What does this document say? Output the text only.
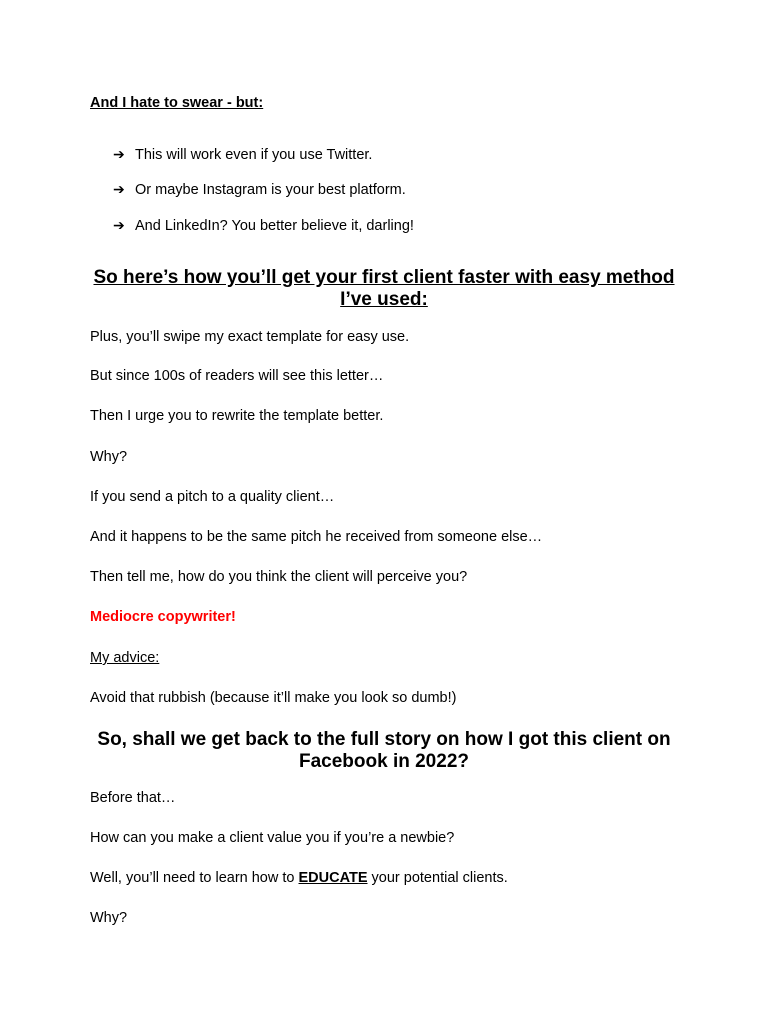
And I hate to swear - but:
➔ This will work even if you use Twitter.
➔ Or maybe Instagram is your best platform.
➔ And LinkedIn? You better believe it, darling!
So here’s how you’ll get your first client faster with easy method I’ve used:
Plus, you’ll swipe my exact template for easy use.
But since 100s of readers will see this letter…
Then I urge you to rewrite the template better.
Why?
If you send a pitch to a quality client…
And it happens to be the same pitch he received from someone else…
Then tell me, how do you think the client will perceive you?
Mediocre copywriter!
My advice:
Avoid that rubbish (because it’ll make you look so dumb!)
So, shall we get back to the full story on how I got this client on Facebook in 2022?
Before that…
How can you make a client value you if you’re a newbie?
Well, you’ll need to learn how to EDUCATE your potential clients.
Why?
